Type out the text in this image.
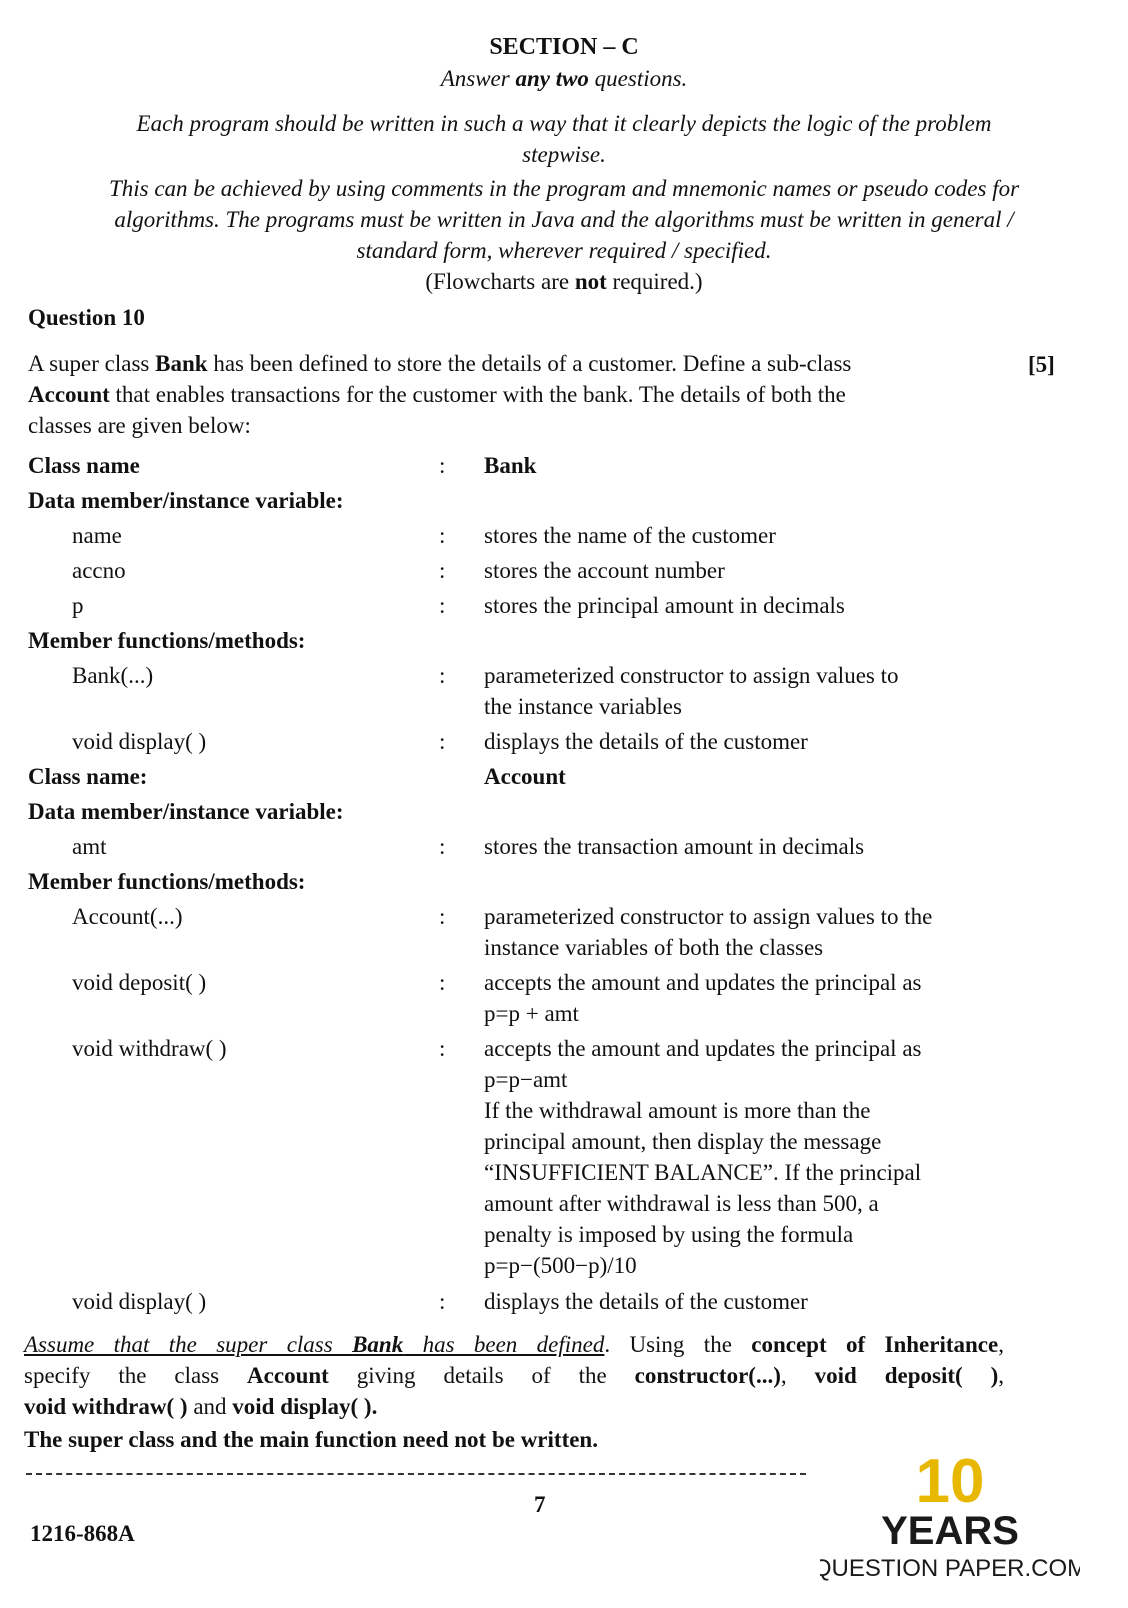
SECTION – C
Answer any two questions.
Each program should be written in such a way that it clearly depicts the logic of the problem
stepwise.
This can be achieved by using comments in the program and mnemonic names or pseudo codes for
algorithms. The programs must be written in Java and the algorithms must be written in general /
standard form, wherever required / specified.
(Flowcharts are not required.)
Question 10
[5]
A super class Bank has been defined to store the details of a customer. Define a sub-class
Account that enables transactions for the customer with the bank. The details of both the
classes are given below:
Class name	: Bank
Data member/instance variable:
name	: stores the name of the customer
accno	: stores the account number
p	: stores the principal amount in decimals
Member functions/methods:
Bank(...)	: parameterized constructor to assign values to
the instance variables
void display( )	: displays the details of the customer
Class name:	Account
Data member/instance variable:
amt	: stores the transaction amount in decimals
Member functions/methods:
Account(...)	: parameterized constructor to assign values to the
instance variables of both the classes
void deposit( )	: accepts the amount and updates the principal as
p=p + amt
void withdraw( )	: accepts the amount and updates the principal as
p=p−amt
If the withdrawal amount is more than the
principal amount, then display the message
“INSUFFICIENT BALANCE”. If the principal
amount after withdrawal is less than 500, a
penalty is imposed by using the formula
p=p−(500−p)/10
void display( )	: displays the details of the customer
Assume that the super class Bank has been defined. Using the concept of Inheritance,
specify the class Account giving details of the constructor(...), void deposit( ),
void withdraw( ) and void display( ).
The super class and the main function need not be written.
7
1216-868A
10
YEARS
QUESTION PAPER.COM
